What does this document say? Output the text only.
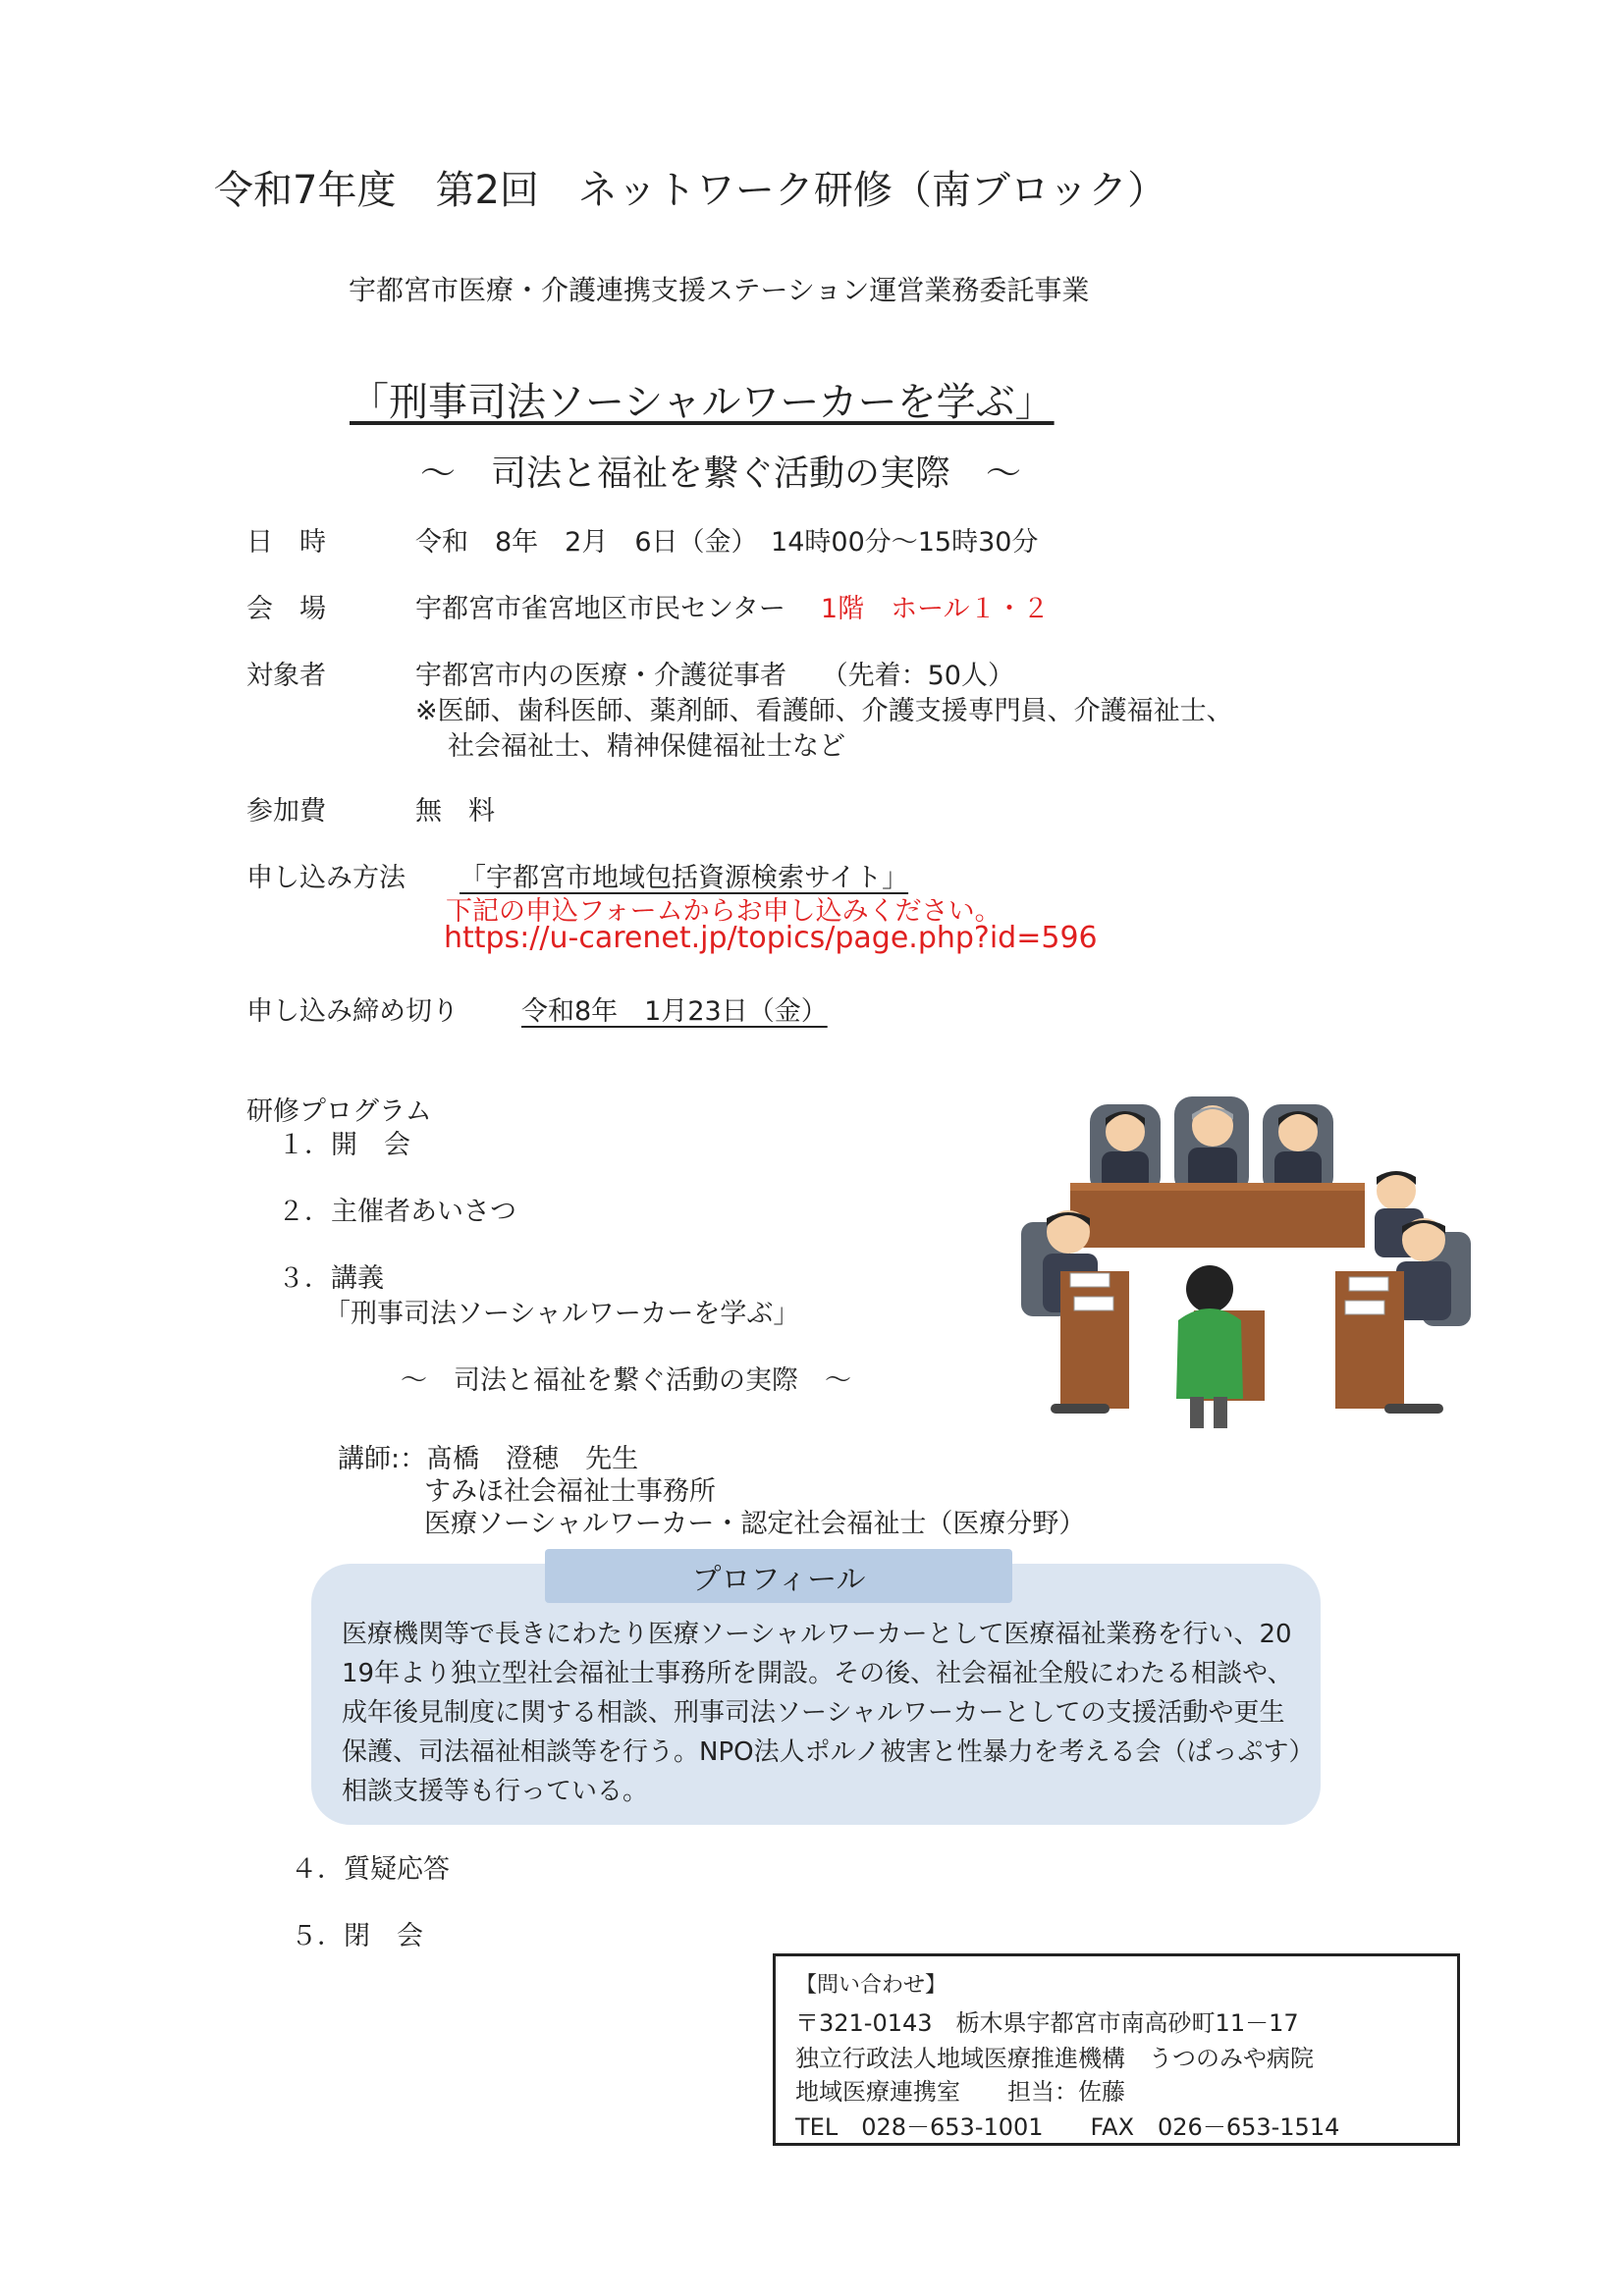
令和7年度　第2回　ネットワーク研修（南ブロック）
宇都宮市医療・介護連携支援ステーション運営業務委託事業
「刑事司法ソーシャルワーカーを学ぶ」
～　司法と福祉を繋ぐ活動の実際　～
日　時	令和　8年　2月　6日（金）　14時00分～15時30分
会　場	宇都宮市雀宮地区市民センター 1階　ホール１・２
対象者	宇都宮市内の医療・介護従事者　 （先着：50人）
※医師、歯科医師、薬剤師、看護師、介護支援専門員、介護福祉士、
社会福祉士、精神保健福祉士など
参加費	無　料
申し込み方法 「宇都宮市地域包括資源検索サイト」
下記の申込フォームからお申し込みください。
https://u-carenet.jp/topics/page.php?id=596
申し込み締め切り 令和8年　1月23日（金）
研修プログラム
１．開　会
２．主催者あいさつ
３．講義
「刑事司法ソーシャルワーカーを学ぶ」
～　司法と福祉を繋ぐ活動の実際　～
講師:：髙橋　澄穂　先生
すみほ社会福祉士事務所
医療ソーシャルワーカー・認定社会福祉士（医療分野）
プロフィール
医療機関等で長きにわたり医療ソーシャルワーカーとして医療福祉業務を行い、2019年より独立型社会福祉士事務所を開設。その後、社会福祉全般にわたる相談や、成年後見制度に関する相談、刑事司法ソーシャルワーカーとしての支援活動や更生保護、司法福祉相談等を行う。NPO法人ポルノ被害と性暴力を考える会（ぱっぷす）相談支援等も行っている。
４．質疑応答
５．閉　会
【問い合わせ】
〒321-0143　栃木県宇都宮市南高砂町11－17
独立行政法人地域医療推進機構　うつのみや病院
地域医療連携室　　担当：佐藤
TEL　028－653-1001　　FAX　026－653-1514
